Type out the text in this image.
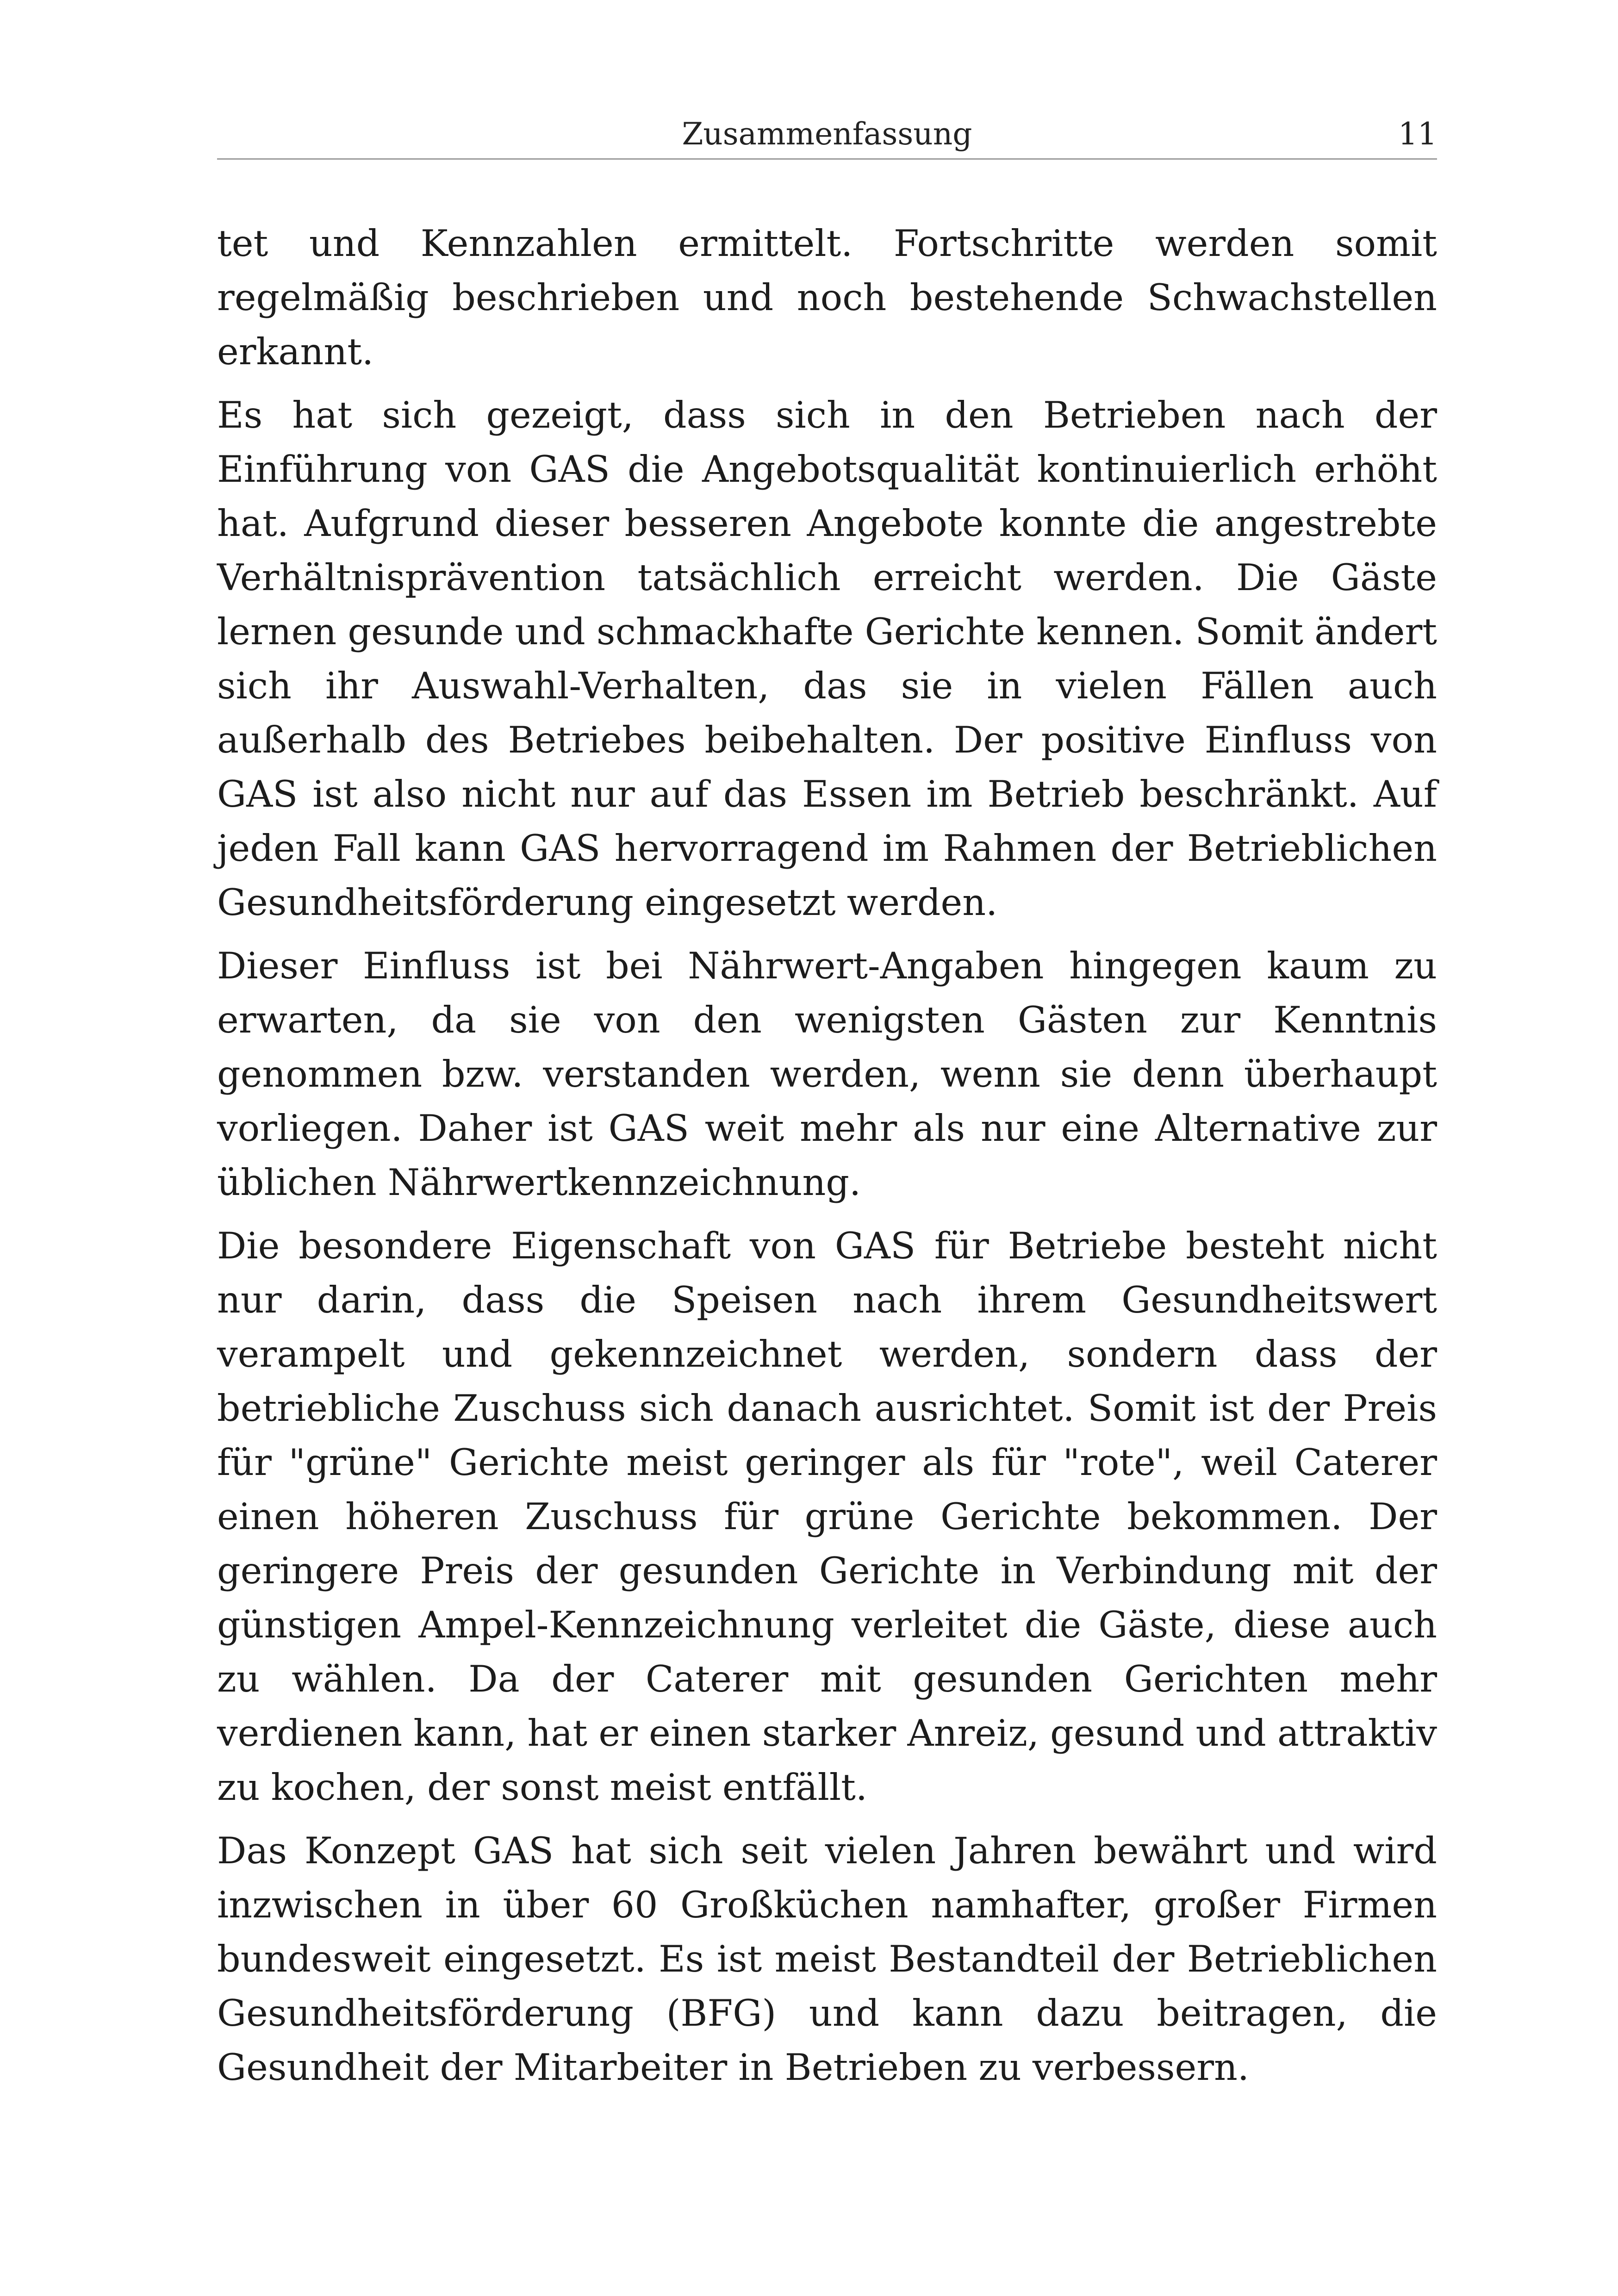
Zusammenfassung	11

tet und Kennzahlen ermittelt. Fortschritte werden somit regelmäßig beschrieben und noch bestehende Schwachstellen erkannt.

Es hat sich gezeigt, dass sich in den Betrieben nach der Einführung von GAS die Angebotsqualität kontinuierlich erhöht hat. Aufgrund dieser besseren Angebote konnte die angestrebte Verhältnisprävention tatsächlich erreicht werden. Die Gäste lernen gesunde und schmackhafte Gerichte kennen. Somit ändert sich ihr Auswahl-Verhalten, das sie in vielen Fällen auch außerhalb des Betriebes beibehalten. Der positive Einfluss von GAS ist also nicht nur auf das Essen im Betrieb beschränkt. Auf jeden Fall kann GAS hervorragend im Rahmen der Betrieblichen Gesundheitsförderung eingesetzt werden.

Dieser Einfluss ist bei Nährwert-Angaben hingegen kaum zu erwarten, da sie von den wenigsten Gästen zur Kenntnis genommen bzw. verstanden werden, wenn sie denn überhaupt vorliegen. Daher ist GAS weit mehr als nur eine Alternative zur üblichen Nährwertkennzeichnung.

Die besondere Eigenschaft von GAS für Betriebe besteht nicht nur darin, dass die Speisen nach ihrem Gesundheitswert verampelt und gekennzeichnet werden, sondern dass der betriebliche Zuschuss sich danach ausrichtet. Somit ist der Preis für "grüne" Gerichte meist geringer als für "rote", weil Caterer einen höheren Zuschuss für grüne Gerichte bekommen. Der geringere Preis der gesunden Gerichte in Verbindung mit der günstigen Ampel-Kennzeichnung verleitet die Gäste, diese auch zu wählen. Da der Caterer mit gesunden Gerichten mehr verdienen kann, hat er einen starker Anreiz, gesund und attraktiv zu kochen, der sonst meist entfällt.

Das Konzept GAS hat sich seit vielen Jahren bewährt und wird inzwischen in über 60 Großküchen namhafter, großer Firmen bundesweit eingesetzt. Es ist meist Bestandteil der Betrieblichen Gesundheitsförderung (BFG) und kann dazu beitragen, die Gesundheit der Mitarbeiter in Betrieben zu verbessern.
